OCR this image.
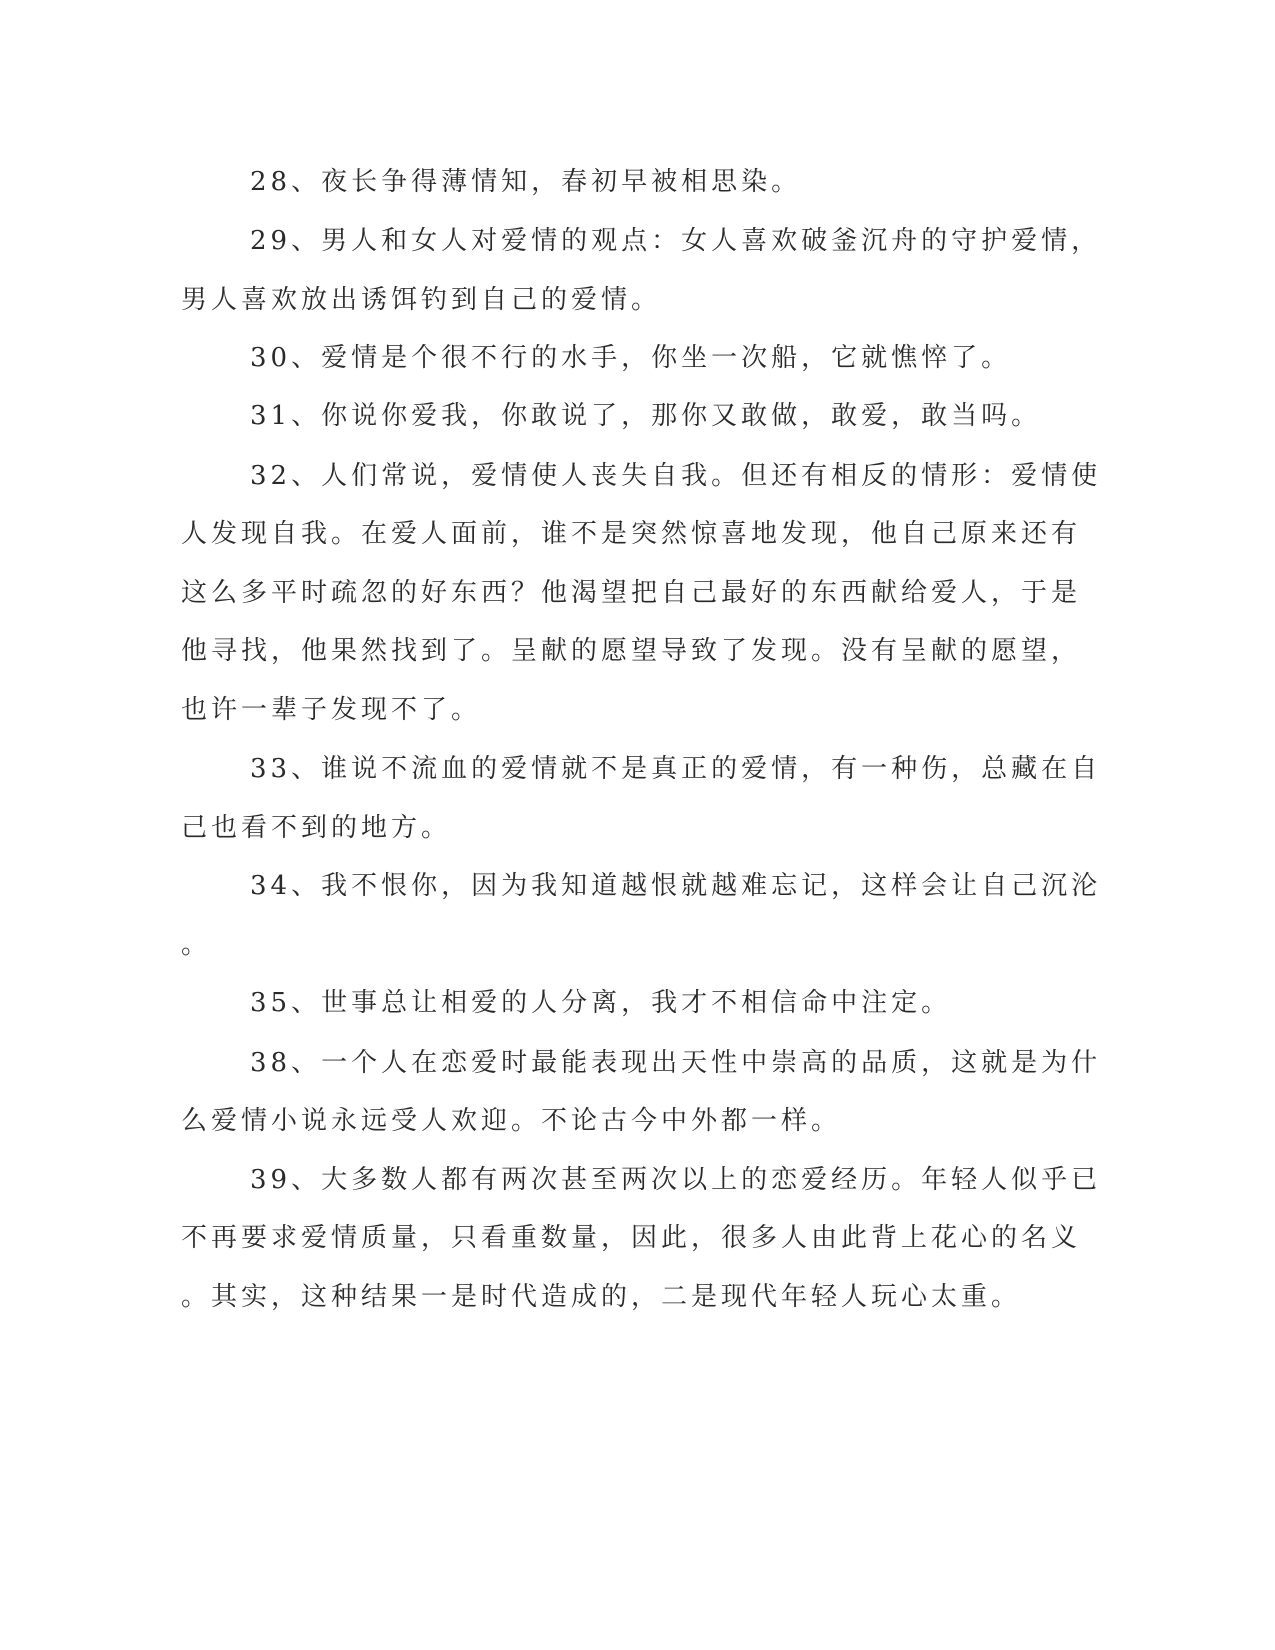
28、夜长争得薄情知，春初早被相思染。
29、男人和女人对爱情的观点：女人喜欢破釜沉舟的守护爱情，
男人喜欢放出诱饵钓到自己的爱情。
30、爱情是个很不行的水手，你坐一次船，它就憔悴了。
31、你说你爱我，你敢说了，那你又敢做，敢爱，敢当吗。
32、人们常说，爱情使人丧失自我。但还有相反的情形：爱情使
人发现自我。在爱人面前，谁不是突然惊喜地发现，他自己原来还有
这么多平时疏忽的好东西？他渴望把自己最好的东西献给爱人，于是
他寻找，他果然找到了。呈献的愿望导致了发现。没有呈献的愿望，
也许一辈子发现不了。
33、谁说不流血的爱情就不是真正的爱情，有一种伤，总藏在自
己也看不到的地方。
34、我不恨你，因为我知道越恨就越难忘记，这样会让自己沉沦
。
35、世事总让相爱的人分离，我才不相信命中注定。
38、一个人在恋爱时最能表现出天性中崇高的品质，这就是为什
么爱情小说永远受人欢迎。不论古今中外都一样。
39、大多数人都有两次甚至两次以上的恋爱经历。年轻人似乎已
不再要求爱情质量，只看重数量，因此，很多人由此背上花心的名义
。其实，这种结果一是时代造成的，二是现代年轻人玩心太重。
